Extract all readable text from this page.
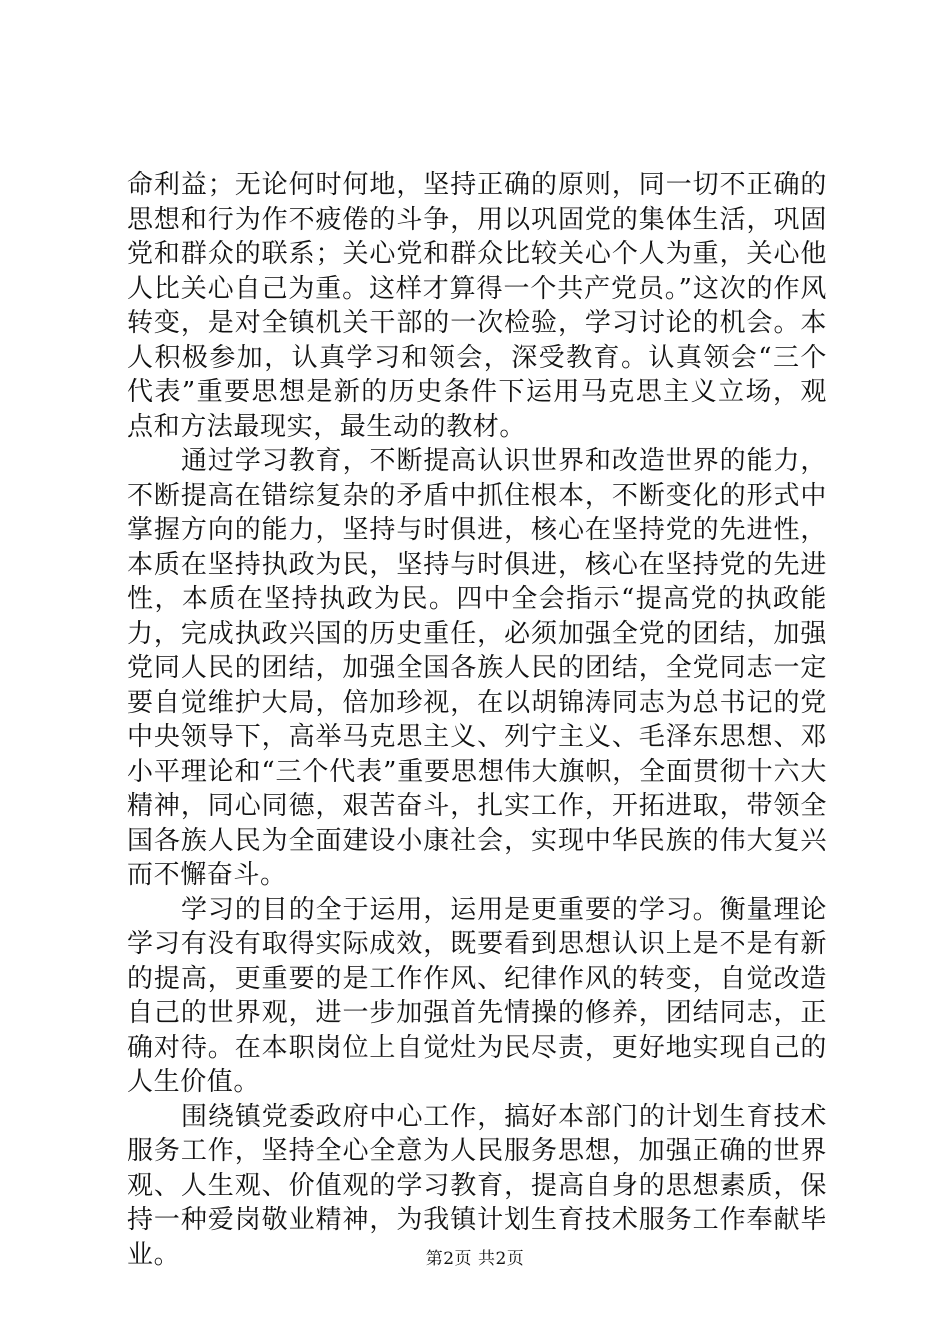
命利益；无论何时何地，坚持正确的原则，同一切不正确的思想和行为作不疲倦的斗争，用以巩固党的集体生活，巩固党和群众的联系；关心党和群众比较关心个人为重，关心他人比关心自己为重。这样才算得一个共产党员。”这次的作风转变，是对全镇机关干部的一次检验，学习讨论的机会。本人积极参加，认真学习和领会，深受教育。认真领会“三个代表”重要思想是新的历史条件下运用马克思主义立场，观点和方法最现实，最生动的教材。

通过学习教育，不断提高认识世界和改造世界的能力，不断提高在错综复杂的矛盾中抓住根本，不断变化的形式中掌握方向的能力，坚持与时俱进，核心在坚持党的先进性，本质在坚持执政为民，坚持与时俱进，核心在坚持党的先进性，本质在坚持执政为民。四中全会指示“提高党的执政能力，完成执政兴国的历史重任，必须加强全党的团结，加强党同人民的团结，加强全国各族人民的团结，全党同志一定要自觉维护大局，倍加珍视，在以胡锦涛同志为总书记的党中央领导下，高举马克思主义、列宁主义、毛泽东思想、邓小平理论和“三个代表”重要思想伟大旗帜，全面贯彻十六大精神，同心同德，艰苦奋斗，扎实工作，开拓进取，带领全国各族人民为全面建设小康社会，实现中华民族的伟大复兴而不懈奋斗。

学习的目的全于运用，运用是更重要的学习。衡量理论学习有没有取得实际成效，既要看到思想认识上是不是有新的提高，更重要的是工作作风、纪律作风的转变，自觉改造自己的世界观，进一步加强首先情操的修养，团结同志，正确对待。在本职岗位上自觉灶为民尽责，更好地实现自己的人生价值。

围绕镇党委政府中心工作，搞好本部门的计划生育技术服务工作，坚持全心全意为人民服务思想，加强正确的世界观、人生观、价值观的学习教育，提高自身的思想素质，保持一种爱岗敬业精神，为我镇计划生育技术服务工作奉献毕业。	第2页 共2页
